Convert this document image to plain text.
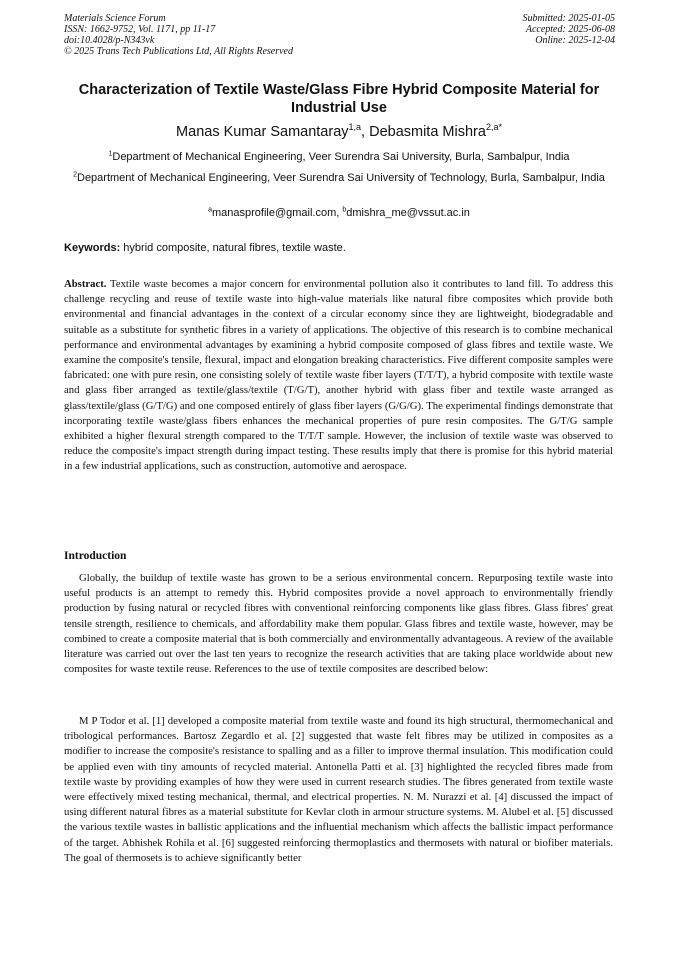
Materials Science Forum
ISSN: 1662-9752, Vol. 1171, pp 11-17
doi:10.4028/p-N343vk
© 2025 Trans Tech Publications Ltd, All Rights Reserved
Submitted: 2025-01-05
Accepted: 2025-06-08
Online: 2025-12-04
Characterization of Textile Waste/Glass Fibre Hybrid Composite Material for Industrial Use
Manas Kumar Samantaray$^{1,a}$, Debasmita Mishra$^{2,a*}$
$^1$Department of Mechanical Engineering, Veer Surendra Sai University, Burla, Sambalpur, India
$^2$Department of Mechanical Engineering, Veer Surendra Sai University of Technology, Burla, Sambalpur, India
$^a$manasprofile@gmail.com, $^b$dmishra_me@vssut.ac.in
Keywords: hybrid composite, natural fibres, textile waste.

Abstract. Textile waste becomes a major concern for environmental pollution also it contributes to land fill. To address this challenge recycling and reuse of textile waste into high-value materials like natural fibre composites which provide both environmental and financial advantages in the context of a circular economy since they are lightweight, biodegradable and suitable as a substitute for synthetic fibres in a variety of applications. The objective of this research is to combine mechanical performance and environmental advantages by examining a hybrid composite composed of glass fibres and textile waste. We examine the composite's tensile, flexural, impact and elongation breaking characteristics. Five different composite samples were fabricated: one with pure resin, one consisting solely of textile waste fiber layers (T/T/T), a hybrid composite with textile waste and glass fiber arranged as textile/glass/textile (T/G/T), another hybrid with glass fiber and textile waste arranged as glass/textile/glass (G/T/G) and one composed entirely of glass fiber layers (G/G/G). The experimental findings demonstrate that incorporating textile waste/glass fibers enhances the mechanical properties of pure resin composites. The G/T/G sample exhibited a higher flexural strength compared to the T/T/T sample. However, the inclusion of textile waste was observed to reduce the composite's impact strength during impact testing. These results imply that there is promise for this hybrid material in a few industrial applications, such as construction, automotive and aerospace.

Introduction

Globally, the buildup of textile waste has grown to be a serious environmental concern. Repurposing textile waste into useful products is an attempt to remedy this. Hybrid composites provide a novel approach to environmentally friendly production by fusing natural or recycled fibres with conventional reinforcing components like glass fibres. Glass fibres' great tensile strength, resilience to chemicals, and affordability make them popular. Glass fibres and textile waste, however, may be combined to create a composite material that is both commercially and environmentally advantageous. A review of the available literature was carried out over the last ten years to recognize the research activities that are taking place worldwide about new composites for waste textile reuse. References to the use of textile composites are described below:

M P Todor et al. [1] developed a composite material from textile waste and found its high structural, thermomechanical and tribological performances. Bartosz Zegardlo et al. [2] suggested that waste felt fibres may be utilized in composites as a modifier to increase the composite's resistance to spalling and as a filler to improve thermal insulation. This modification could be applied even with tiny amounts of recycled material. Antonella Patti et al. [3] highlighted the recycled fibres made from textile waste by providing examples of how they were used in current research studies. The fibres generated from textile waste were effectively mixed testing mechanical, thermal, and electrical properties. N. M. Nurazzi et al. [4] discussed the impact of using different natural fibres as a material substitute for Kevlar cloth in armour structure systems. M. Alubel et al. [5] discussed the various textile wastes in ballistic applications and the influential mechanism which affects the ballistic impact performance of the target. Abhishek Rohila et al. [6] suggested reinforcing thermoplastics and thermosets with natural or biofiber materials. The goal of thermosets is to achieve significantly better
